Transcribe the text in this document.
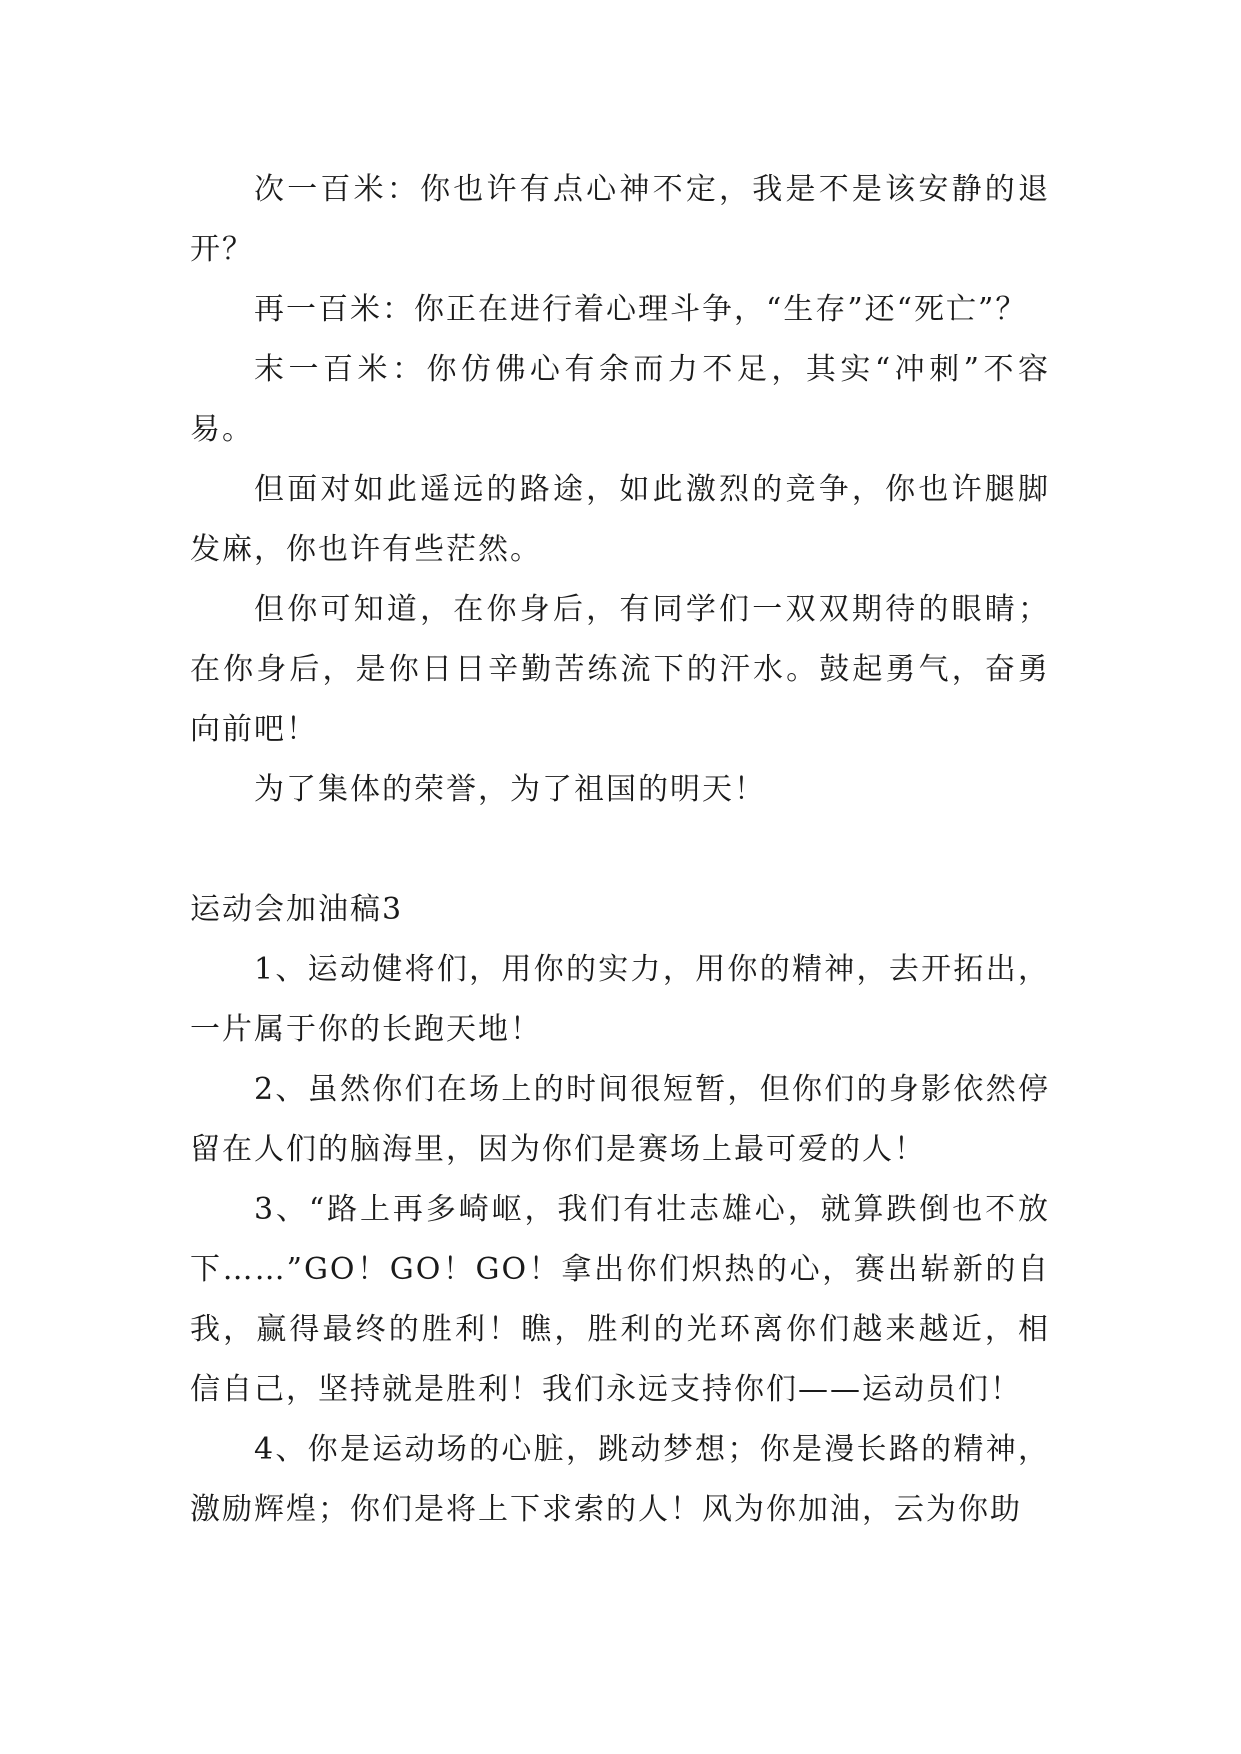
次一百米：你也许有点心神不定，我是不是该安静的退开？

再一百米：你正在进行着心理斗争，“生存”还“死亡”？

末一百米：你仿佛心有余而力不足，其实“冲刺”不容易。

但面对如此遥远的路途，如此激烈的竞争，你也许腿脚发麻，你也许有些茫然。

但你可知道，在你身后，有同学们一双双期待的眼睛；在你身后，是你日日辛勤苦练流下的汗水。鼓起勇气，奋勇向前吧！

为了集体的荣誉，为了祖国的明天！

运动会加油稿3

1、运动健将们，用你的实力，用你的精神，去开拓出，一片属于你的长跑天地！

2、虽然你们在场上的时间很短暂，但你们的身影依然停留在人们的脑海里，因为你们是赛场上最可爱的人！

3、“路上再多崎岖，我们有壮志雄心，就算跌倒也不放下……”GO！GO！GO！拿出你们炽热的心，赛出崭新的自我，赢得最终的胜利！瞧，胜利的光环离你们越来越近，相信自己，坚持就是胜利！我们永远支持你们——运动员们！

4、你是运动场的心脏，跳动梦想；你是漫长路的精神，激励辉煌；你们是将上下求索的人！风为你加油，云为你助
